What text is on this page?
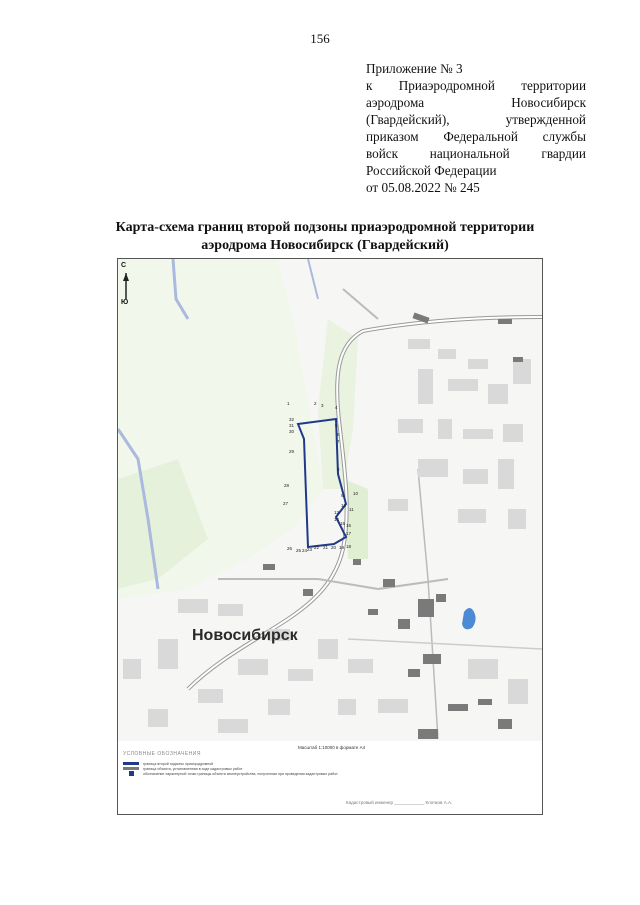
156
Приложение № 3
к Приаэродромной территории
аэродрома Новосибирск
(Гвардейский), утвержденной
приказом Федеральной службы
войск национальной гвардии
Российской Федерации
от 05.08.2022 № 245
Карта-схема границ второй подзоны приаэродромной территории
аэродрома Новосибирск (Гвардейский)
С
Ю
1	2 3	4
5
6
7
8
9 10
11
12
13
14
15 16
17
18
19
20
21
22
23
24
25
26
27
28
29
30
31
32
Новосибирск
Масштаб 1:10000 в формате А4
УСЛОВНЫЕ ОБОЗНАЧЕНИЯ
граница второй подзоны приаэродромной
граница объекта, установленная в ходе кадастровых работ
обозначение характерной точки границы объекта землеустройства, полученная при проведении кадастровых работ
Кадастровый инженер ____________ Клочков А.А.
